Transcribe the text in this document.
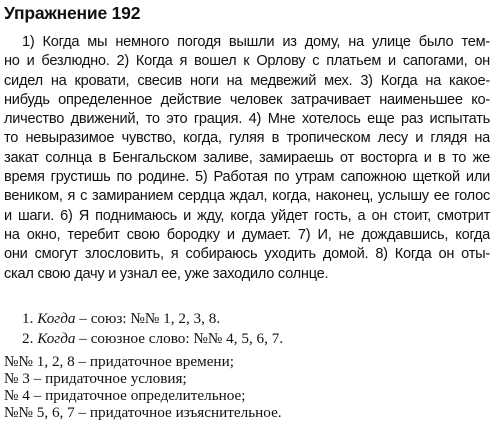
Упражнение 192
1) Когда мы немного погодя вышли из дому, на улице было тем-
но и безлюдно. 2) Когда я вошел к Орлову с платьем и сапогами, он
сидел на кровати, свесив ноги на медвежий мех. 3) Когда на какое-
нибудь определенное действие человек затрачивает наименьшее ко-
личество движений, то это грация. 4) Мне хотелось еще раз испытать
то невыразимое чувство, когда, гуляя в тропическом лесу и глядя на
закат солнца в Бенгальском заливе, замираешь от восторга и в то же
время грустишь по родине. 5) Работая по утрам сапожною щеткой или
веником, я с замиранием сердца ждал, когда, наконец, услышу ее голос
и шаги. 6) Я поднимаюсь и жду, когда уйдет гость, а он стоит, смотрит
на окно, теребит свою бородку и думает. 7) И, не дождавшись, когда
они смогут злословить, я собираюсь уходить домой. 8) Когда он оты-
скал свою дачу и узнал ее, уже заходило солнце.
1. Когда – союз: №№ 1, 2, 3, 8.
2. Когда – союзное слово: №№ 4, 5, 6, 7.
№№ 1, 2, 8 – придаточное времени;
№ 3 – придаточное условия;
№ 4 – придаточное определительное;
№№ 5, 6, 7 – придаточное изъяснительное.
